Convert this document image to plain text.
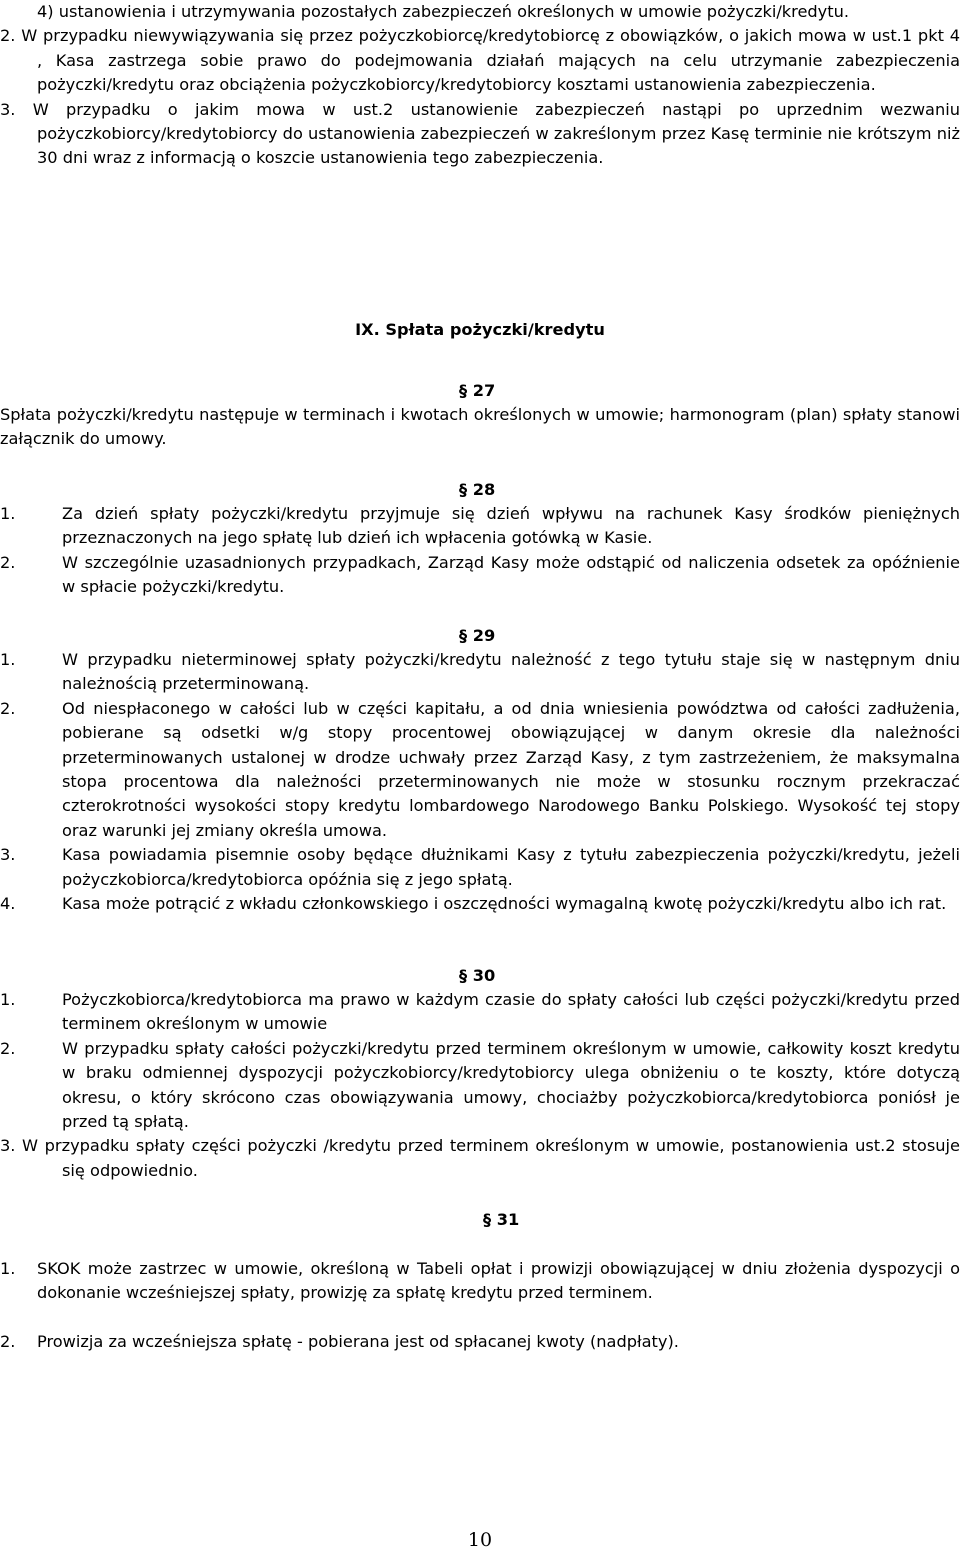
4) ustanowienia i utrzymywania pozostałych zabezpieczeń określonych w umowie pożyczki/kredytu.

2. W przypadku niewywiązywania się przez pożyczkobiorcę/kredytobiorcę z obowiązków, o jakich mowa w ust.1 pkt 4 , Kasa zastrzega sobie prawo do podejmowania działań mających na celu utrzymanie zabezpieczenia pożyczki/kredytu oraz obciążenia pożyczkobiorcy/kredytobiorcy kosztami ustanowienia zabezpieczenia.

3. W przypadku o jakim mowa w ust.2 ustanowienie zabezpieczeń nastąpi po uprzednim wezwaniu pożyczkobiorcy/kredytobiorcy do ustanowienia zabezpieczeń w zakreślonym przez Kasę terminie nie krótszym niż 30 dni wraz z informacją o koszcie ustanowienia tego zabezpieczenia.

IX. Spłata pożyczki/kredytu
§ 27

Spłata pożyczki/kredytu następuje w terminach i kwotach określonych w umowie; harmonogram (plan) spłaty stanowi załącznik do umowy.

§ 28
1.	Za dzień spłaty pożyczki/kredytu przyjmuje się dzień wpływu na rachunek Kasy środków pieniężnych przeznaczonych na jego spłatę lub dzień ich wpłacenia gotówką w Kasie.
2.	W szczególnie uzasadnionych przypadkach, Zarząd Kasy może odstąpić od naliczenia odsetek za opóźnienie w spłacie pożyczki/kredytu.
§ 29
1.	W przypadku nieterminowej spłaty pożyczki/kredytu należność z tego tytułu staje się w następnym dniu należnością przeterminowaną.
2.	Od niespłaconego w całości lub w części kapitału, a od dnia wniesienia powództwa od całości zadłużenia, pobierane są odsetki w/g stopy procentowej obowiązującej w danym okresie dla należności przeterminowanych ustalonej w drodze uchwały przez Zarząd Kasy, z tym zastrzeżeniem, że maksymalna stopa procentowa dla należności przeterminowanych nie może w stosunku rocznym przekraczać czterokrotności wysokości stopy kredytu lombardowego Narodowego Banku Polskiego. Wysokość tej stopy oraz warunki jej zmiany określa umowa.
3.	Kasa powiadamia pisemnie osoby będące dłużnikami Kasy z tytułu zabezpieczenia pożyczki/kredytu, jeżeli pożyczkobiorca/kredytobiorca opóźnia się z jego spłatą.
4.	Kasa może potrącić z wkładu członkowskiego i oszczędności wymagalną kwotę pożyczki/kredytu albo ich rat.
§ 30
1.	Pożyczkobiorca/kredytobiorca ma prawo w każdym czasie do spłaty całości lub części pożyczki/kredytu przed terminem określonym w umowie
2.	W przypadku spłaty całości pożyczki/kredytu przed terminem określonym w umowie, całkowity koszt kredytu w braku odmiennej dyspozycji pożyczkobiorcy/kredytobiorcy ulega obniżeniu o te koszty, które dotyczą okresu, o który skrócono czas obowiązywania umowy, chociażby pożyczkobiorca/kredytobiorca poniósł je przed tą spłatą.

3. W przypadku spłaty części pożyczki /kredytu przed terminem określonym w umowie, postanowienia ust.2 stosuje się odpowiednio.

§ 31
1. SKOK może zastrzec w umowie, określoną w Tabeli opłat i prowizji obowiązującej w dniu złożenia dyspozycji o dokonanie wcześniejszej spłaty, prowizję za spłatę kredytu przed terminem.
2. Prowizja za wcześniejsza spłatę - pobierana jest od spłacanej kwoty (nadpłaty).
10
